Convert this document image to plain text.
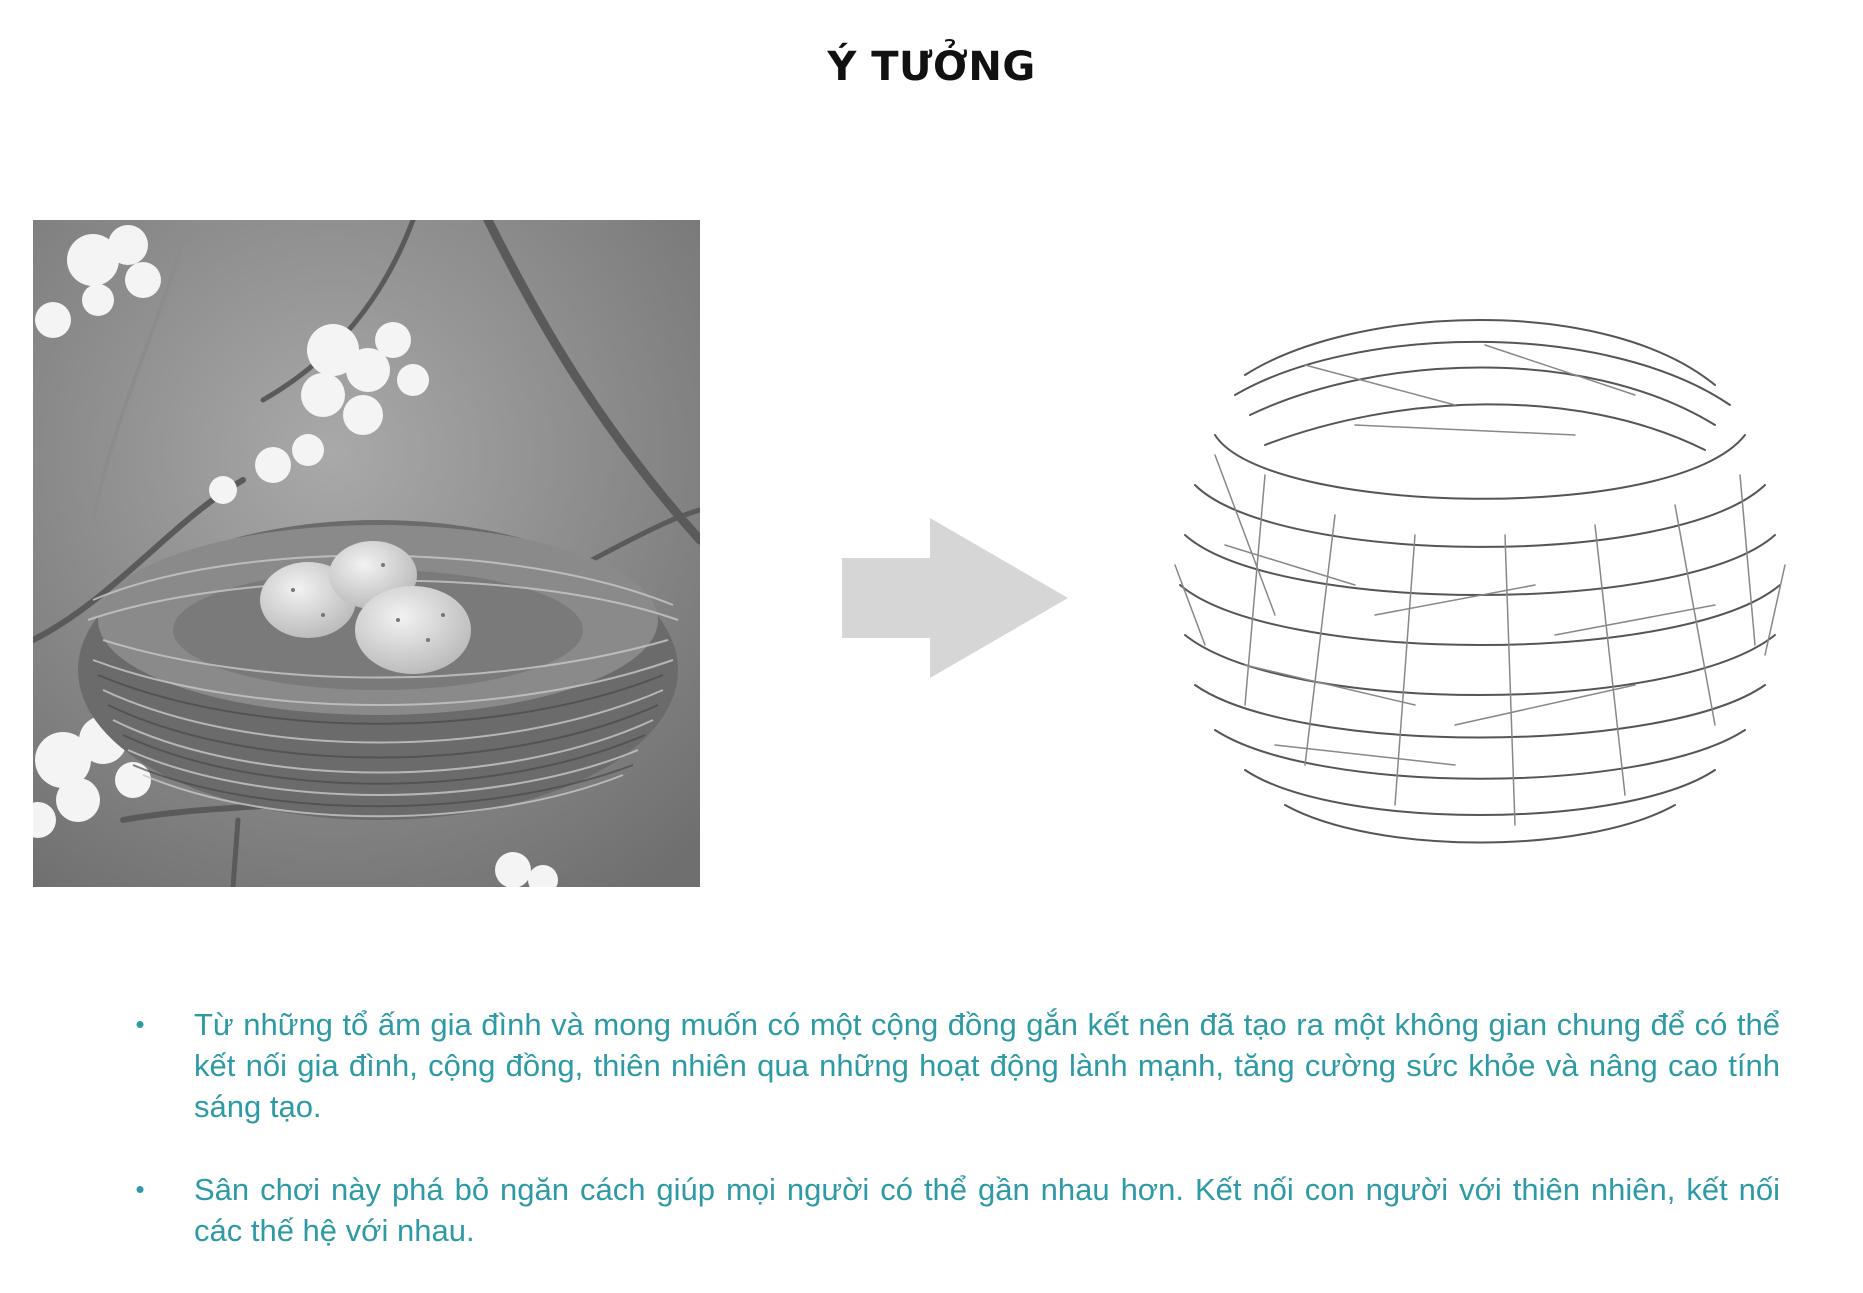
Ý TƯỞNG
• Từ những tổ ấm gia đình và mong muốn có một cộng đồng gắn kết nên đã tạo ra một không gian chung để có thể kết nối gia đình, cộng đồng, thiên nhiên qua những hoạt động lành mạnh, tăng cường sức khỏe và nâng cao tính sáng tạo.
• Sân chơi này phá bỏ ngăn cách giúp mọi người có thể gần nhau hơn. Kết nối con người với thiên nhiên, kết nối các thế hệ với nhau.
